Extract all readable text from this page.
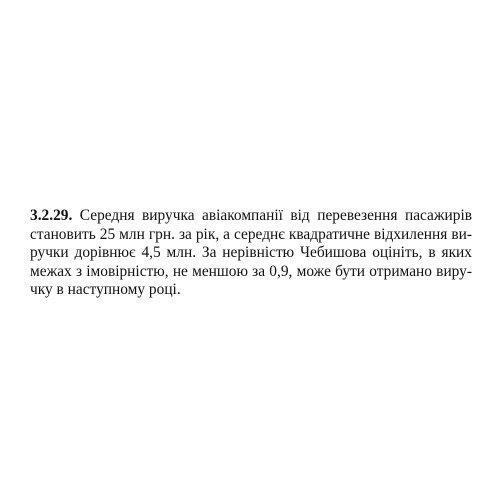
3.2.29. Середня виручка авіакомпанії від перевезення пасажирів
становить 25 млн грн. за рік, а середнє квадратичне відхилення ви-
ручки дорівнює 4,5 млн. За нерівністю Чебишова оцініть, в яких
межах з імовірністю, не меншою за 0,9, може бути отримано виру-
чку в наступному році.
